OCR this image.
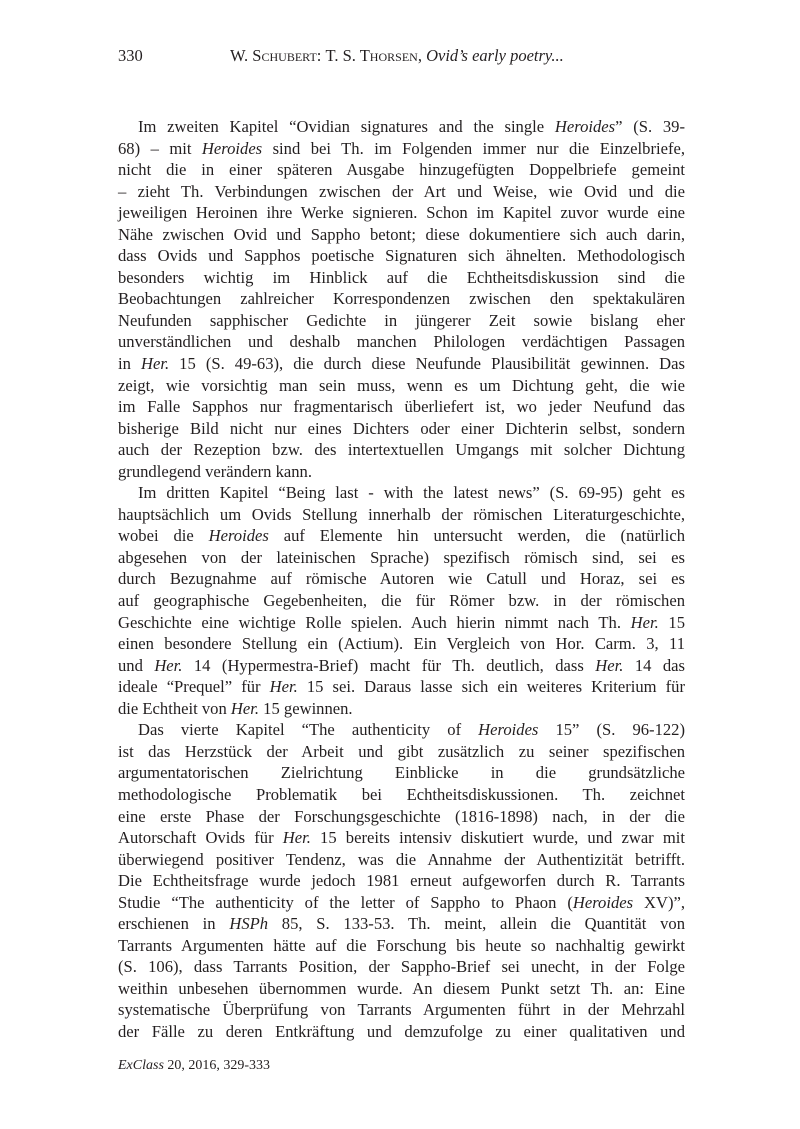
330	W. Schubert: T. S. Thorsen, Ovid’s early poetry...
Im zweiten Kapitel “Ovidian signatures and the single Heroides” (S. 39-
68) – mit Heroides sind bei Th. im Folgenden immer nur die Einzelbriefe,
nicht die in einer späteren Ausgabe hinzugefügten Doppelbriefe gemeint
– zieht Th. Verbindungen zwischen der Art und Weise, wie Ovid und die
jeweiligen Heroinen ihre Werke signieren. Schon im Kapitel zuvor wurde eine
Nähe zwischen Ovid und Sappho betont; diese dokumentiere sich auch darin,
dass Ovids und Sapphos poetische Signaturen sich ähnelten. Methodologisch
besonders wichtig im Hinblick auf die Echtheitsdiskussion sind die
Beobachtungen zahlreicher Korrespondenzen zwischen den spektakulären
Neufunden sapphischer Gedichte in jüngerer Zeit sowie bislang eher
unverständlichen und deshalb manchen Philologen verdächtigen Passagen
in Her. 15 (S. 49-63), die durch diese Neufunde Plausibilität gewinnen. Das
zeigt, wie vorsichtig man sein muss, wenn es um Dichtung geht, die wie
im Falle Sapphos nur fragmentarisch überliefert ist, wo jeder Neufund das
bisherige Bild nicht nur eines Dichters oder einer Dichterin selbst, sondern
auch der Rezeption bzw. des intertextuellen Umgangs mit solcher Dichtung
grundlegend verändern kann.
Im dritten Kapitel “Being last - with the latest news” (S. 69-95) geht es
hauptsächlich um Ovids Stellung innerhalb der römischen Literaturgeschichte,
wobei die Heroides auf Elemente hin untersucht werden, die (natürlich
abgesehen von der lateinischen Sprache) spezifisch römisch sind, sei es
durch Bezugnahme auf römische Autoren wie Catull und Horaz, sei es
auf geographische Gegebenheiten, die für Römer bzw. in der römischen
Geschichte eine wichtige Rolle spielen. Auch hierin nimmt nach Th. Her. 15
einen besondere Stellung ein (Actium). Ein Vergleich von Hor. Carm. 3, 11
und Her. 14 (Hypermestra-Brief) macht für Th. deutlich, dass Her. 14 das
ideale “Prequel” für Her. 15 sei. Daraus lasse sich ein weiteres Kriterium für
die Echtheit von Her. 15 gewinnen.
Das vierte Kapitel “The authenticity of Heroides 15” (S. 96-122)
ist das Herzstück der Arbeit und gibt zusätzlich zu seiner spezifischen
argumentatorischen Zielrichtung Einblicke in die grundsätzliche
methodologische Problematik bei Echtheitsdiskussionen. Th. zeichnet
eine erste Phase der Forschungsgeschichte (1816-1898) nach, in der die
Autorschaft Ovids für Her. 15 bereits intensiv diskutiert wurde, und zwar mit
überwiegend positiver Tendenz, was die Annahme der Authentizität betrifft.
Die Echtheitsfrage wurde jedoch 1981 erneut aufgeworfen durch R. Tarrants
Studie “The authenticity of the letter of Sappho to Phaon (Heroides XV)”,
erschienen in HSPh 85, S. 133-53. Th. meint, allein die Quantität von
Tarrants Argumenten hätte auf die Forschung bis heute so nachhaltig gewirkt
(S. 106), dass Tarrants Position, der Sappho-Brief sei unecht, in der Folge
weithin unbesehen übernommen wurde. An diesem Punkt setzt Th. an: Eine
systematische Überprüfung von Tarrants Argumenten führt in der Mehrzahl
der Fälle zu deren Entkräftung und demzufolge zu einer qualitativen und
ExClass 20, 2016, 329-333
